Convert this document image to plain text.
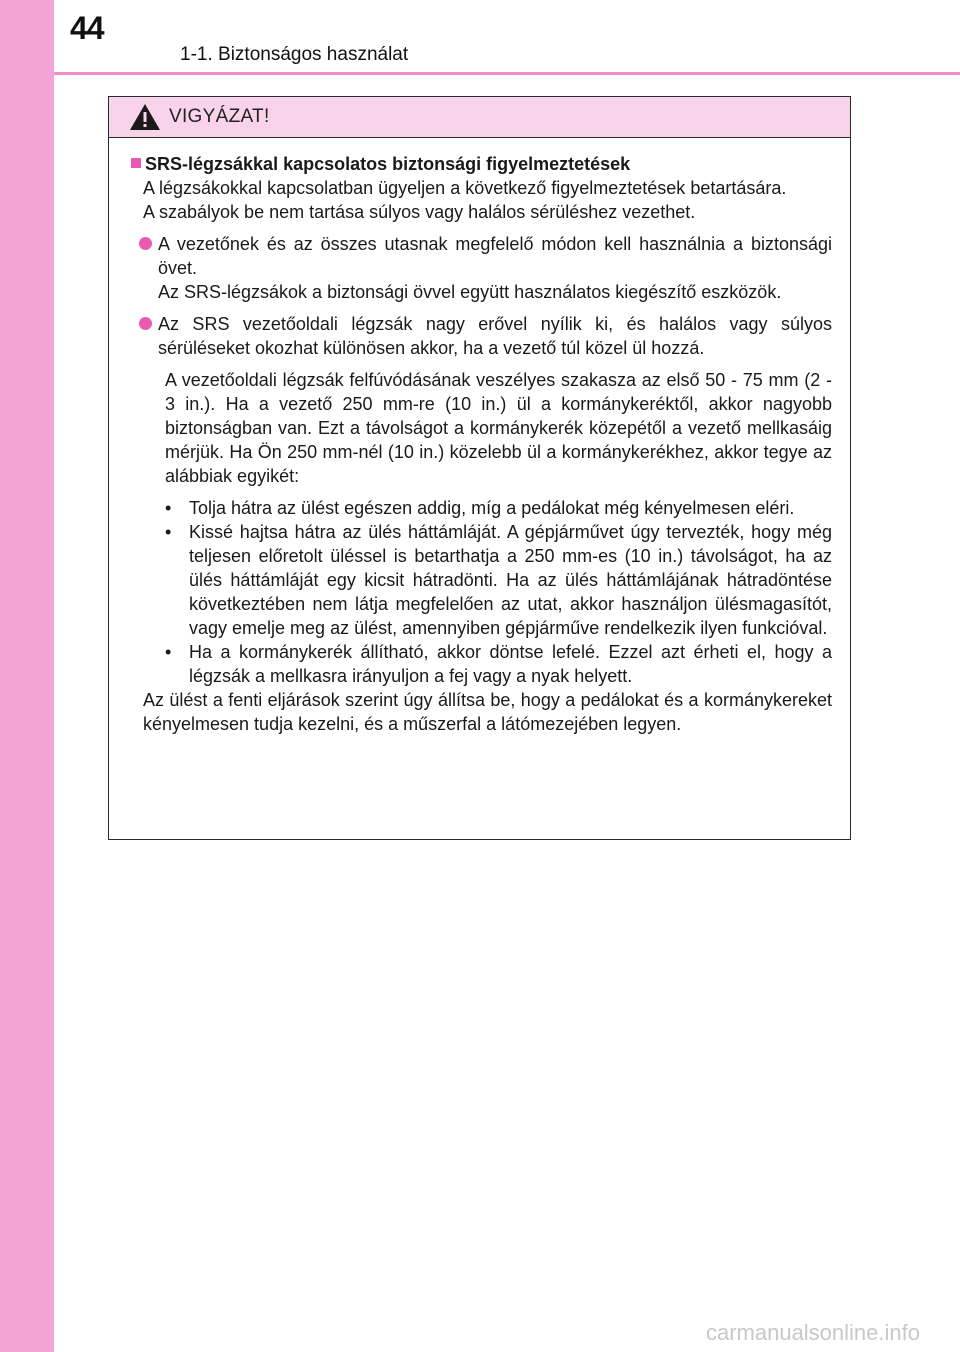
44
1-1. Biztonságos használat
VIGYÁZAT!
SRS-légzsákkal kapcsolatos biztonsági figyelmeztetések
A légzsákokkal kapcsolatban ügyeljen a következő figyelmeztetések betartására.
A szabályok be nem tartása súlyos vagy halálos sérüléshez vezethet.
A vezetőnek és az összes utasnak megfelelő módon kell használnia a biztonsági övet.
Az SRS-légzsákok a biztonsági övvel együtt használatos kiegészítő eszközök.
Az SRS vezetőoldali légzsák nagy erővel nyílik ki, és halálos vagy súlyos sérüléseket okozhat különösen akkor, ha a vezető túl közel ül hozzá.
A vezetőoldali légzsák felfúvódásának veszélyes szakasza az első 50 - 75 mm (2 - 3 in.). Ha a vezető 250 mm-re (10 in.) ül a kormánykeréktől, akkor nagyobb biztonságban van. Ezt a távolságot a kormánykerék közepétől a vezető mellkasáig mérjük. Ha Ön 250 mm-nél (10 in.) közelebb ül a kormánykerékhez, akkor tegye az alábbiak egyikét:
• Tolja hátra az ülést egészen addig, míg a pedálokat még kényelmesen eléri.
• Kissé hajtsa hátra az ülés háttámláját. A gépjárművet úgy tervezték, hogy még teljesen előretolt üléssel is betarthatja a 250 mm-es (10 in.) távolságot, ha az ülés háttámláját egy kicsit hátradönti. Ha az ülés háttámlájának hátradöntése következtében nem látja megfelelően az utat, akkor használjon ülésmagasítót, vagy emelje meg az ülést, amennyiben gépjárműve rendelkezik ilyen funkcióval.
• Ha a kormánykerék állítható, akkor döntse lefelé. Ezzel azt érheti el, hogy a légzsák a mellkasra irányuljon a fej vagy a nyak helyett.
Az ülést a fenti eljárások szerint úgy állítsa be, hogy a pedálokat és a kormánykereket kényelmesen tudja kezelni, és a műszerfal a látómezejében legyen.
carmanualsonline.info
